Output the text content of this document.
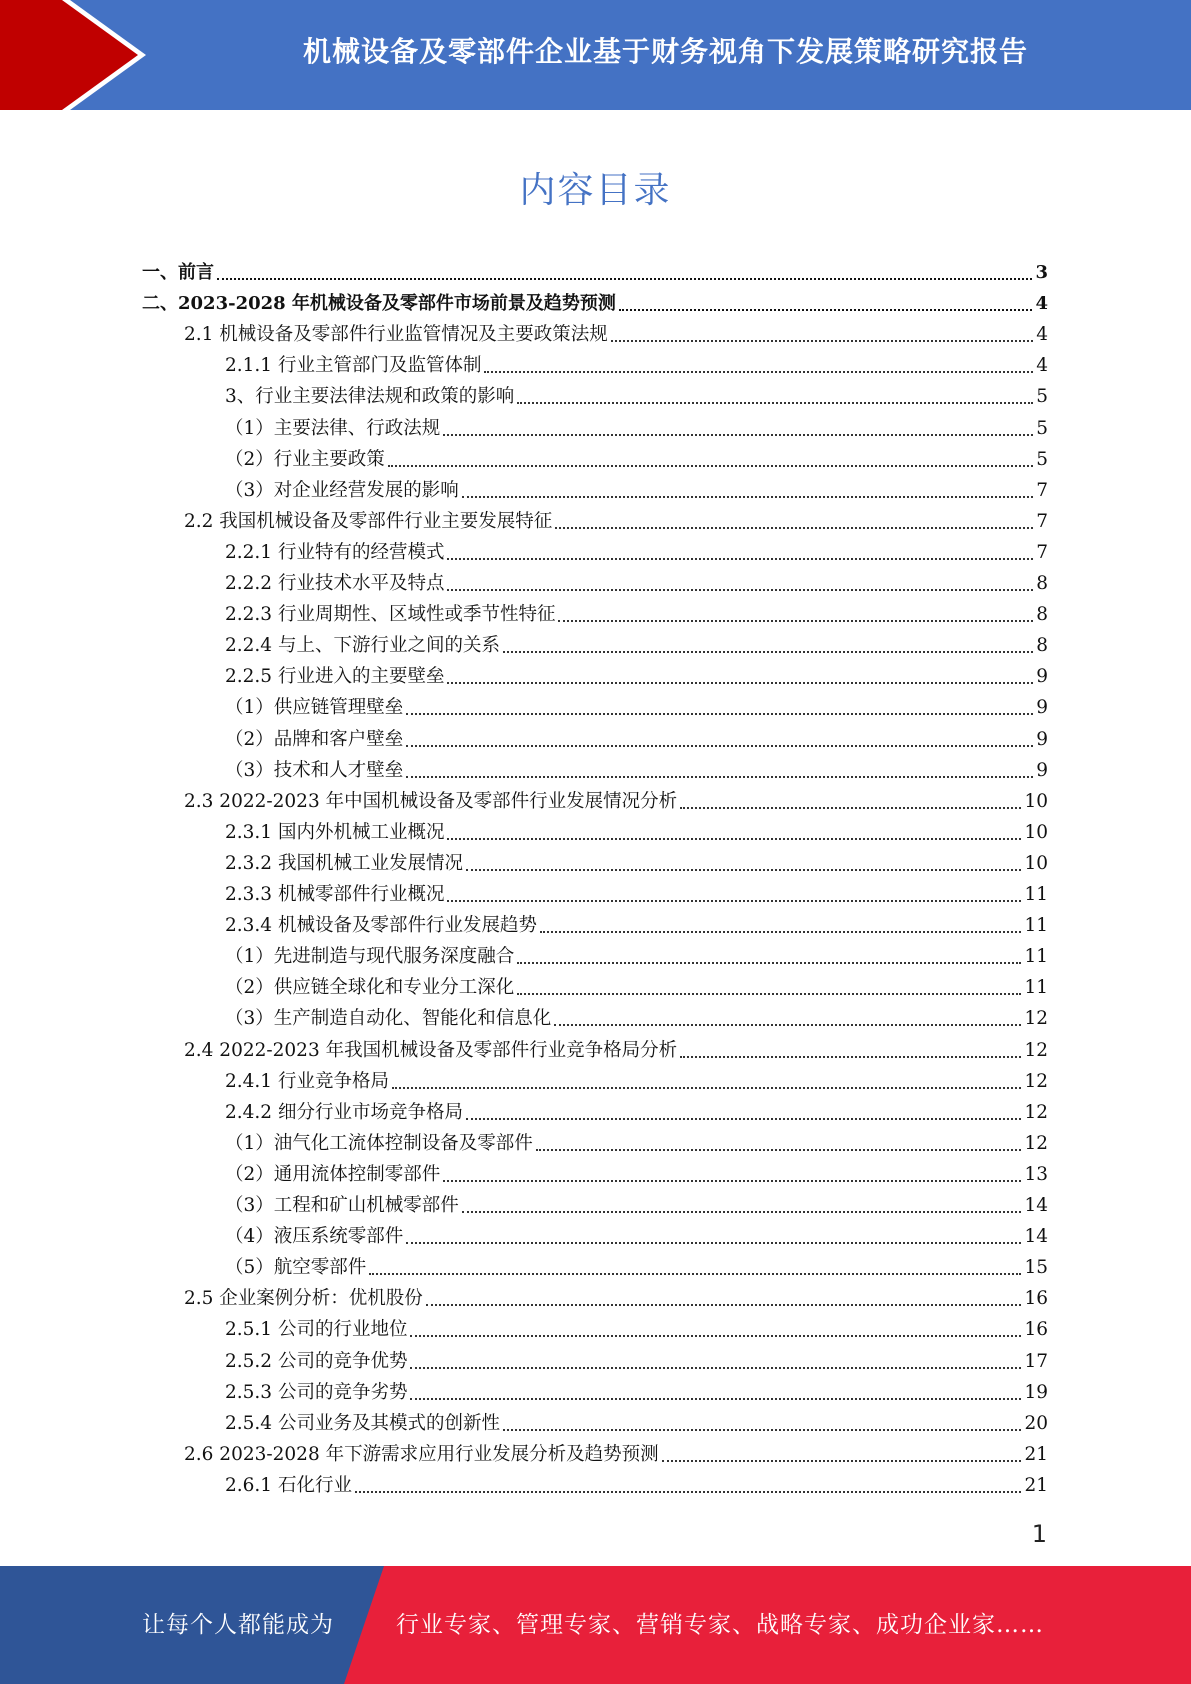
机械设备及零部件企业基于财务视角下发展策略研究报告
内容目录
一、前言	3
二、2023-2028 年机械设备及零部件市场前景及趋势预测	4
2.1 机械设备及零部件行业监管情况及主要政策法规	4
2.1.1 行业主管部门及监管体制	4
3、行业主要法律法规和政策的影响	5
（1）主要法律、行政法规	5
（2）行业主要政策	5
（3）对企业经营发展的影响	7
2.2 我国机械设备及零部件行业主要发展特征	7
2.2.1 行业特有的经营模式	7
2.2.2 行业技术水平及特点	8
2.2.3 行业周期性、区域性或季节性特征	8
2.2.4 与上、下游行业之间的关系	8
2.2.5 行业进入的主要壁垒	9
（1）供应链管理壁垒	9
（2）品牌和客户壁垒	9
（3）技术和人才壁垒	9
2.3 2022-2023 年中国机械设备及零部件行业发展情况分析	10
2.3.1 国内外机械工业概况	10
2.3.2 我国机械工业发展情况	10
2.3.3 机械零部件行业概况	11
2.3.4 机械设备及零部件行业发展趋势	11
（1）先进制造与现代服务深度融合	11
（2）供应链全球化和专业分工深化	11
（3）生产制造自动化、智能化和信息化	12
2.4 2022-2023 年我国机械设备及零部件行业竞争格局分析	12
2.4.1 行业竞争格局	12
2.4.2 细分行业市场竞争格局	12
（1）油气化工流体控制设备及零部件	12
（2）通用流体控制零部件	13
（3）工程和矿山机械零部件	14
（4）液压系统零部件	14
（5）航空零部件	15
2.5 企业案例分析：优机股份	16
2.5.1 公司的行业地位	16
2.5.2 公司的竞争优势	17
2.5.3 公司的竞争劣势	19
2.5.4 公司业务及其模式的创新性	20
2.6 2023-2028 年下游需求应用行业发展分析及趋势预测	21
2.6.1 石化行业	21
1
让每个人都能成为	行业专家、管理专家、营销专家、战略专家、成功企业家……
